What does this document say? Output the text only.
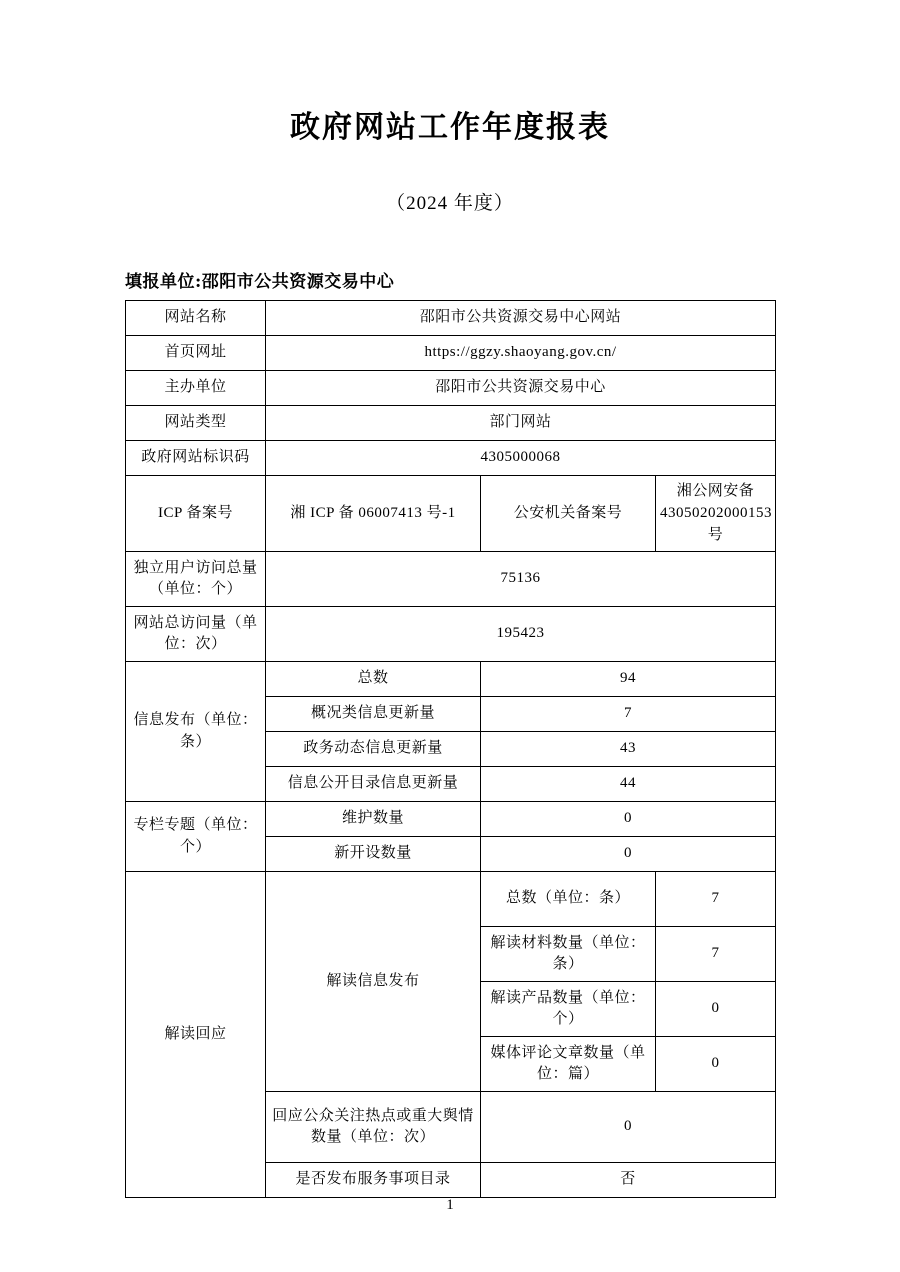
政府网站工作年度报表
（2024 年度）
填报单位:邵阳市公共资源交易中心
网站名称	邵阳市公共资源交易中心网站		
首页网址	https://ggzy.shaoyang.gov.cn/		
主办单位	邵阳市公共资源交易中心		
网站类型	部门网站		
政府网站标识码	4305000068		
ICP 备案号	湘 ICP 备 06007413 号-1	公安机关备案号	湘公网安备 43050202000153 号
独立用户访问总量（单位：个）	75136		
网站总访问量（单位：次）	195423		
信息发布（单位：条）	总数	94	
	概况类信息更新量	7	
	政务动态信息更新量	43	
	信息公开目录信息更新量	44	
专栏专题（单位：个）	维护数量	0	
	新开设数量	0	
解读回应	解读信息发布	总数（单位：条）	7
		解读材料数量（单位：条）	7
		解读产品数量（单位：个）	0
		媒体评论文章数量（单位：篇）	0
	回应公众关注热点或重大舆情数量（单位：次）	0	
	是否发布服务事项目录	否	
1
